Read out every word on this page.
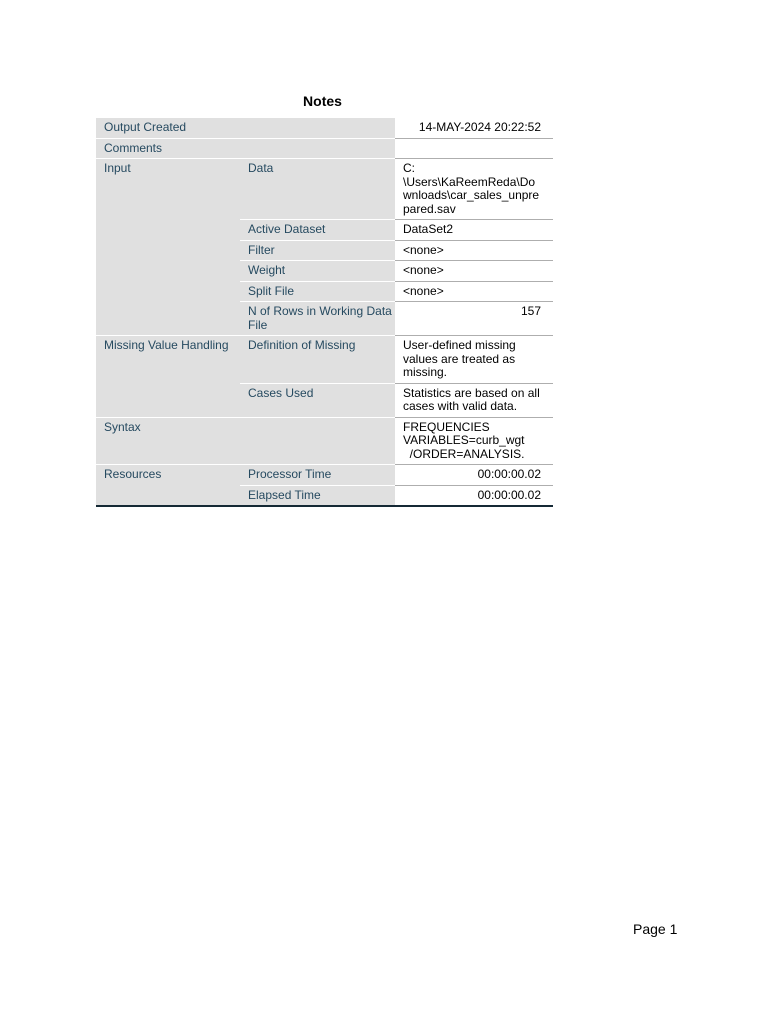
Notes
Output Created		14-MAY-2024 20:22:52
Comments		
Input	Data	C:
\Users\KaReemReda\Downloads\car_sales_unprepared.sav
	Active Dataset	DataSet2
	Filter	<none>
	Weight	<none>
	Split File	<none>
	N of Rows in Working Data File	157
Missing Value Handling	Definition of Missing	User-defined missing values are treated as missing.
	Cases Used	Statistics are based on all cases with valid data.
Syntax		FREQUENCIES
VARIABLES=curb_wgt
/ORDER=ANALYSIS.
Resources	Processor Time	00:00:00.02
	Elapsed Time	00:00:00.02
Page 1
